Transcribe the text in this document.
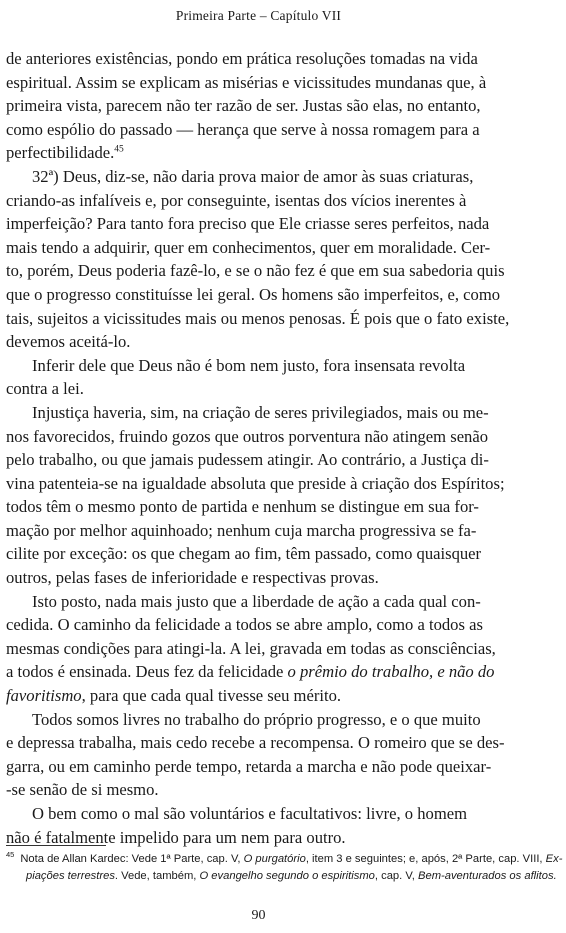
Primeira Parte – Capítulo VII
de anteriores existências, pondo em prática resoluções tomadas na vida
espiritual. Assim se explicam as misérias e vicissitudes mundanas que, à
primeira vista, parecem não ter razão de ser. Justas são elas, no entanto,
como espólio do passado — herança que serve à nossa romagem para a
perfectibilidade.$^{45}$
32ª) Deus, diz-se, não daria prova maior de amor às suas criaturas,
criando-as infalíveis e, por conseguinte, isentas dos vícios inerentes à
imperfeição? Para tanto fora preciso que Ele criasse seres perfeitos, nada
mais tendo a adquirir, quer em conhecimentos, quer em moralidade. Cer-
to, porém, Deus poderia fazê-lo, e se o não fez é que em sua sabedoria quis
que o progresso constituísse lei geral. Os homens são imperfeitos, e, como
tais, sujeitos a vicissitudes mais ou menos penosas. É pois que o fato existe,
devemos aceitá-lo.
Inferir dele que Deus não é bom nem justo, fora insensata revolta
contra a lei.
Injustiça haveria, sim, na criação de seres privilegiados, mais ou me-
nos favorecidos, fruindo gozos que outros porventura não atingem senão
pelo trabalho, ou que jamais pudessem atingir. Ao contrário, a Justiça di-
vina patenteia-se na igualdade absoluta que preside à criação dos Espíritos;
todos têm o mesmo ponto de partida e nenhum se distingue em sua for-
mação por melhor aquinhoado; nenhum cuja marcha progressiva se fa-
cilite por exceção: os que chegam ao fim, têm passado, como quaisquer
outros, pelas fases de inferioridade e respectivas provas.
Isto posto, nada mais justo que a liberdade de ação a cada qual con-
cedida. O caminho da felicidade a todos se abre amplo, como a todos as
mesmas condições para atingi-la. A lei, gravada em todas as consciências,
a todos é ensinada. Deus fez da felicidade o prêmio do trabalho, e não do
favoritismo, para que cada qual tivesse seu mérito.
Todos somos livres no trabalho do próprio progresso, e o que muito
e depressa trabalha, mais cedo recebe a recompensa. O romeiro que se des-
garra, ou em caminho perde tempo, retarda a marcha e não pode queixar-
-se senão de si mesmo.
O bem como o mal são voluntários e facultativos: livre, o homem
não é fatalmente impelido para um nem para outro.
$^{45}$ Nota de Allan Kardec: Vede 1ª Parte, cap. V, O purgatório, item 3 e seguintes; e, após, 2ª Parte, cap. VIII, Ex-
piações terrestres. Vede, também, O evangelho segundo o espiritismo, cap. V, Bem-aventurados os aflitos.
90
